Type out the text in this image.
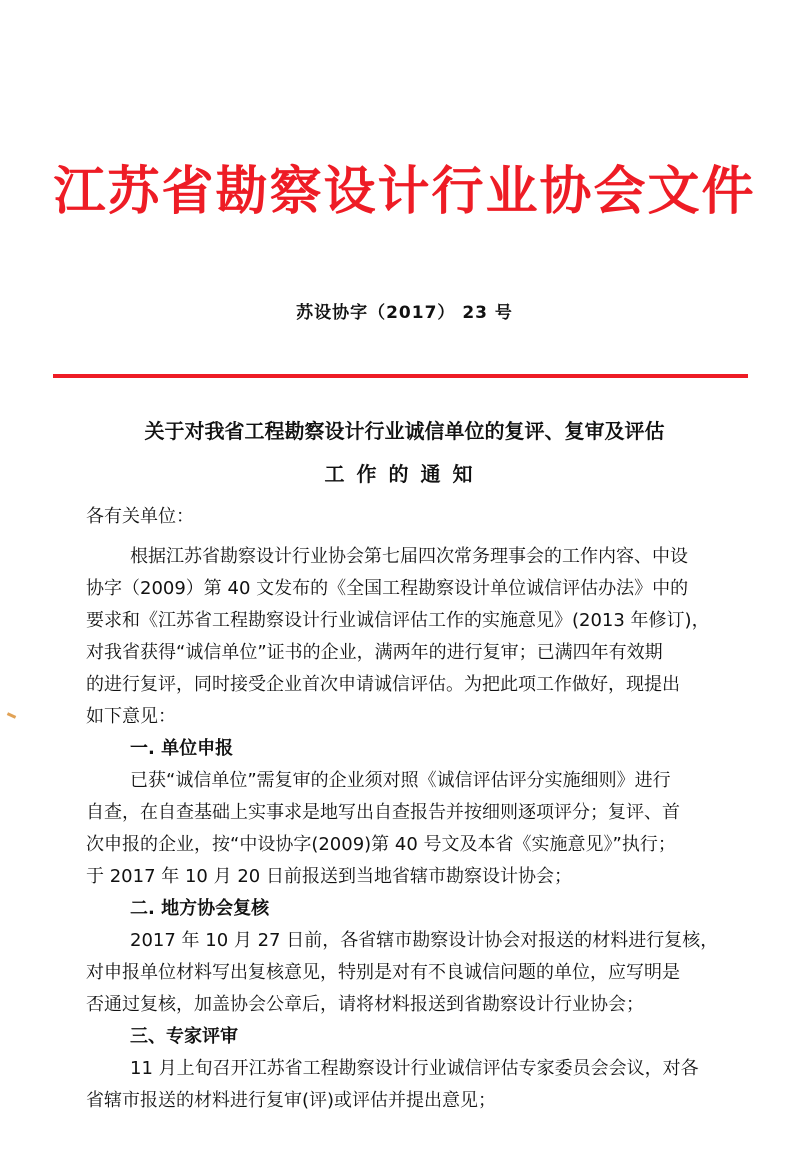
江苏省勘察设计行业协会文件
苏设协字（2017） 23 号
关于对我省工程勘察设计行业诚信单位的复评、复审及评估
工作的通知
各有关单位：
根据江苏省勘察设计行业协会第七届四次常务理事会的工作内容、中设
协字（2009）第 40 文发布的《全国工程勘察设计单位诚信评估办法》中的
要求和《江苏省工程勘察设计行业诚信评估工作的实施意见》(2013 年修订)，
对我省获得“诚信单位”证书的企业，满两年的进行复审；已满四年有效期
的进行复评，同时接受企业首次申请诚信评估。为把此项工作做好，现提出
如下意见：
一. 单位申报
已获“诚信单位”需复审的企业须对照《诚信评估评分实施细则》进行
自查，在自查基础上实事求是地写出自查报告并按细则逐项评分；复评、首
次申报的企业，按“中设协字(2009)第 40 号文及本省《实施意见》”执行；
于 2017 年 10 月 20 日前报送到当地省辖市勘察设计协会；
二. 地方协会复核
2017 年 10 月 27 日前，各省辖市勘察设计协会对报送的材料进行复核，
对申报单位材料写出复核意见，特别是对有不良诚信问题的单位，应写明是
否通过复核，加盖协会公章后，请将材料报送到省勘察设计行业协会；
三、专家评审
11 月上旬召开江苏省工程勘察设计行业诚信评估专家委员会会议，对各
省辖市报送的材料进行复审(评)或评估并提出意见；
